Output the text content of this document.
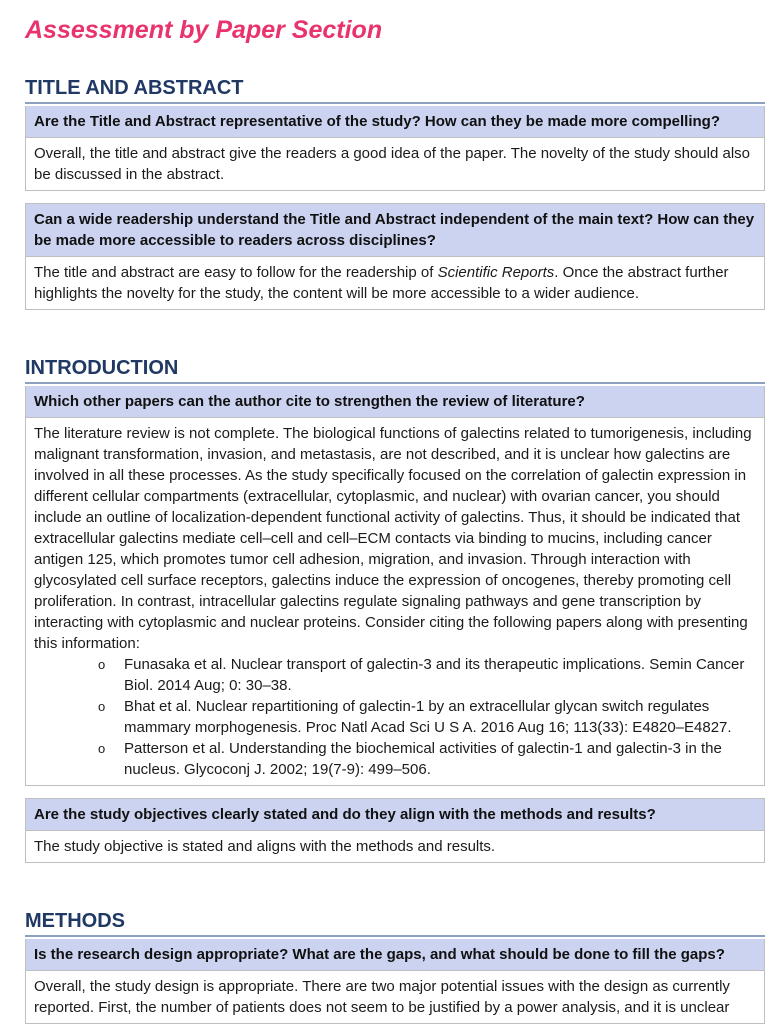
Assessment by Paper Section
TITLE AND ABSTRACT
Are the Title and Abstract representative of the study? How can they be made more compelling?
Overall, the title and abstract give the readers a good idea of the paper. The novelty of the study should also be discussed in the abstract.
Can a wide readership understand the Title and Abstract independent of the main text? How can they be made more accessible to readers across disciplines?
The title and abstract are easy to follow for the readership of Scientific Reports. Once the abstract further highlights the novelty for the study, the content will be more accessible to a wider audience.
INTRODUCTION
Which other papers can the author cite to strengthen the review of literature?
The literature review is not complete. The biological functions of galectins related to tumorigenesis, including malignant transformation, invasion, and metastasis, are not described, and it is unclear how galectins are involved in all these processes. As the study specifically focused on the correlation of galectin expression in different cellular compartments (extracellular, cytoplasmic, and nuclear) with ovarian cancer, you should include an outline of localization-dependent functional activity of galectins. Thus, it should be indicated that extracellular galectins mediate cell–cell and cell–ECM contacts via binding to mucins, including cancer antigen 125, which promotes tumor cell adhesion, migration, and invasion. Through interaction with glycosylated cell surface receptors, galectins induce the expression of oncogenes, thereby promoting cell proliferation. In contrast, intracellular galectins regulate signaling pathways and gene transcription by interacting with cytoplasmic and nuclear proteins. Consider citing the following papers along with presenting this information:
o Funasaka et al. Nuclear transport of galectin-3 and its therapeutic implications. Semin Cancer Biol. 2014 Aug; 0: 30–38.
o Bhat et al. Nuclear repartitioning of galectin-1 by an extracellular glycan switch regulates mammary morphogenesis. Proc Natl Acad Sci U S A. 2016 Aug 16; 113(33): E4820–E4827.
o Patterson et al. Understanding the biochemical activities of galectin-1 and galectin-3 in the nucleus. Glycoconj J. 2002; 19(7-9): 499–506.
Are the study objectives clearly stated and do they align with the methods and results?
The study objective is stated and aligns with the methods and results.
METHODS
Is the research design appropriate? What are the gaps, and what should be done to fill the gaps?
Overall, the study design is appropriate. There are two major potential issues with the design as currently reported. First, the number of patients does not seem to be justified by a power analysis, and it is unclear
